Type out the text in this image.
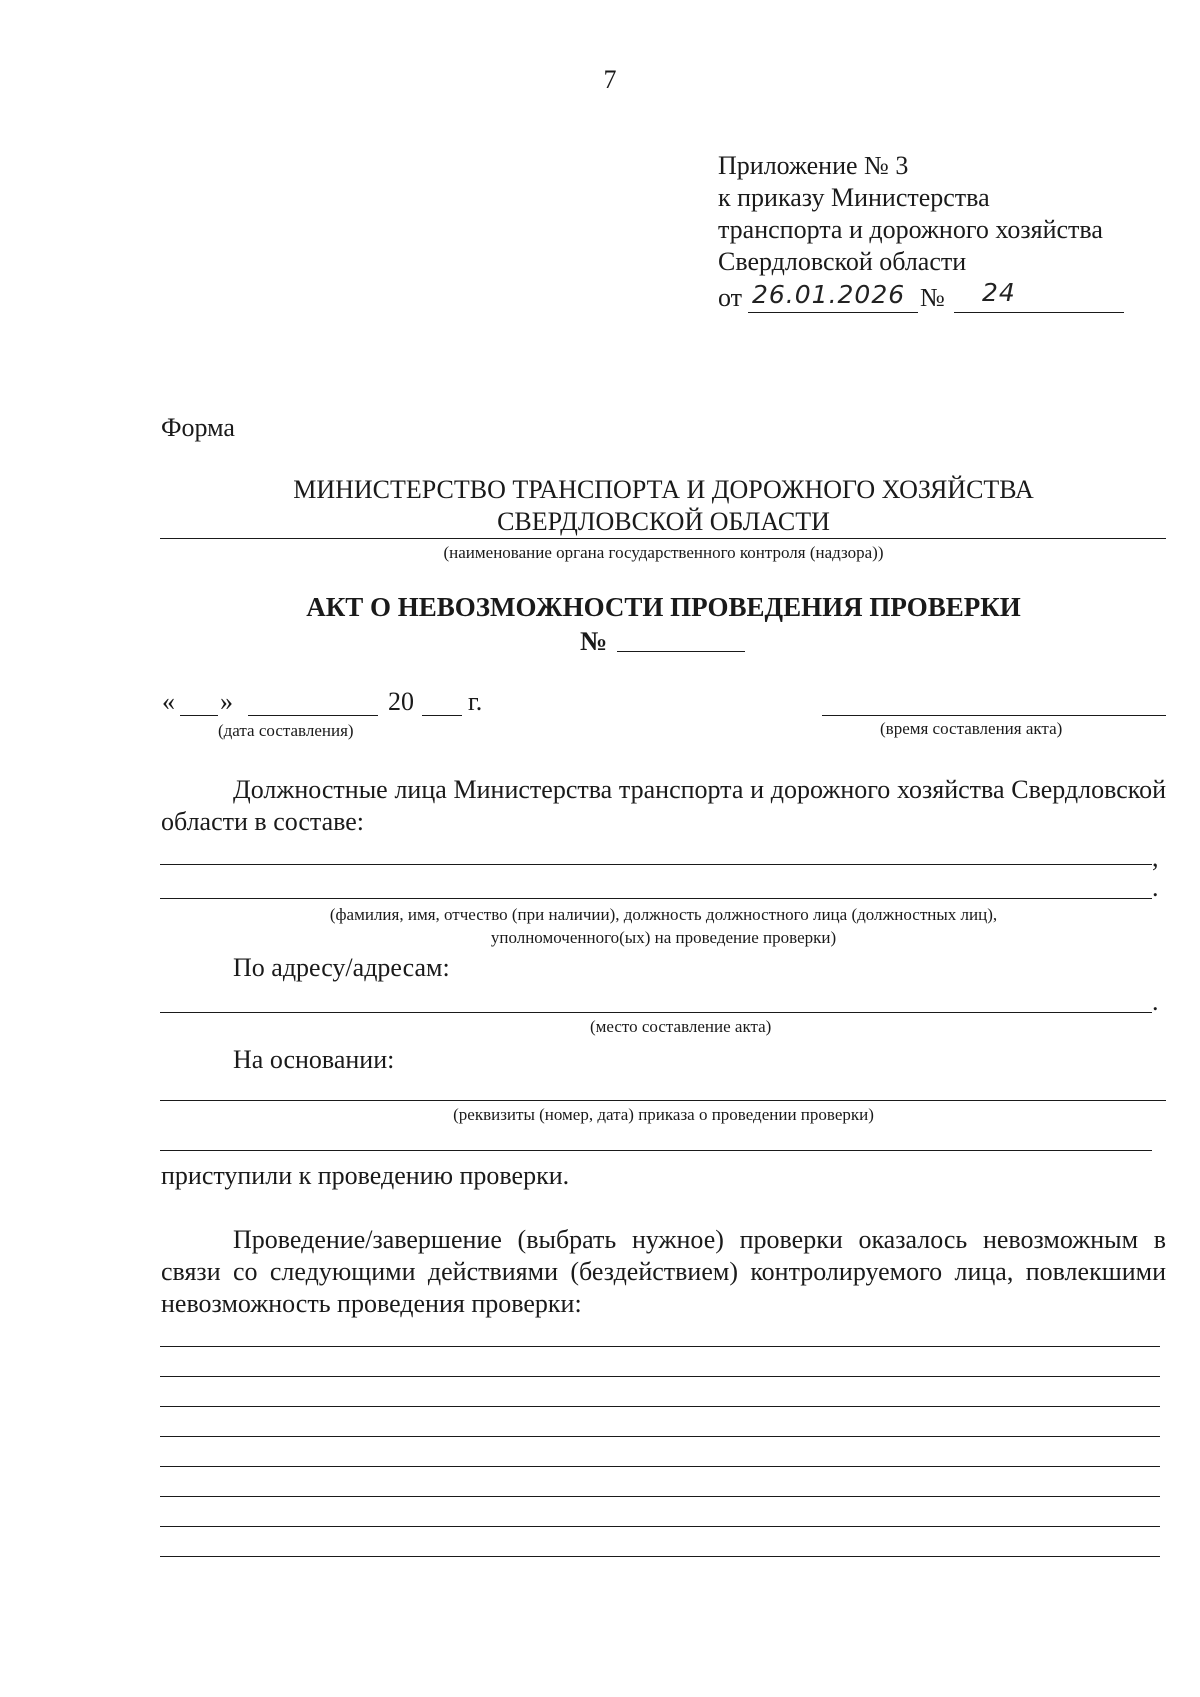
7
Приложение № 3
к приказу Министерства
транспорта и дорожного хозяйства
Свердловской области
от 26.01.2026 № 24
Форма
МИНИСТЕРСТВО ТРАНСПОРТА И ДОРОЖНОГО ХОЗЯЙСТВА
СВЕРДЛОВСКОЙ ОБЛАСТИ
(наименование органа государственного контроля (надзора))
АКТ О НЕВОЗМОЖНОСТИ ПРОВЕДЕНИЯ ПРОВЕРКИ
№
« »	20 г.
(дата составления)	(время составления акта)
Должностные лица Министерства транспорта и дорожного хозяйства Свердловской области в составе:
,
.
(фамилия, имя, отчество (при наличии), должность должностного лица (должностных лиц),
уполномоченного(ых) на проведение проверки)
По адресу/адресам:
.
(место составление акта)
На основании:
(реквизиты (номер, дата) приказа о проведении проверки)
приступили к проведению проверки.
Проведение/завершение (выбрать нужное) проверки оказалось невозможным в связи со следующими действиями (бездействием) контролируемого лица, повлекшими невозможность проведения проверки:
